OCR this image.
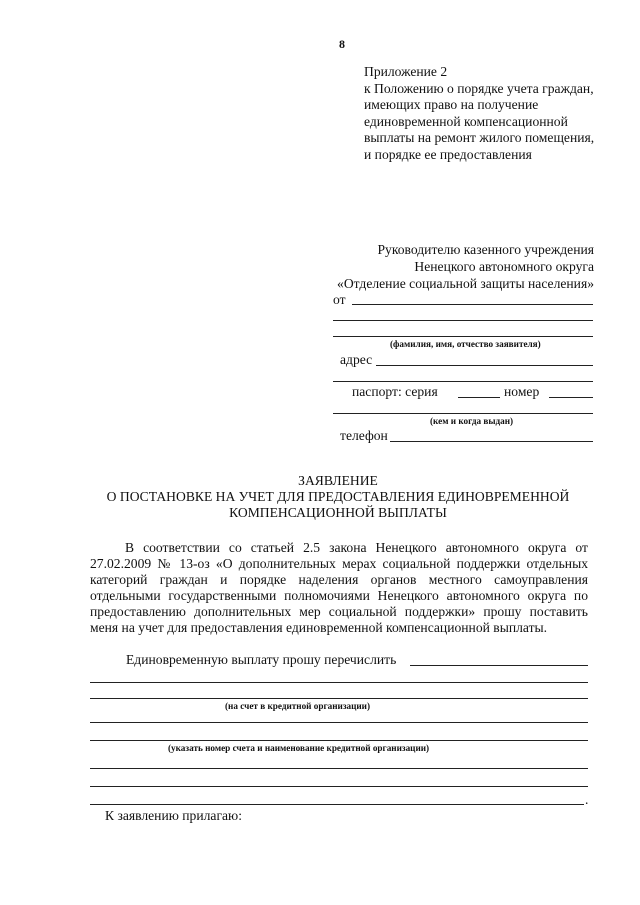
8
Приложение 2
к Положению о порядке учета граждан, имеющих право на получение единовременной компенсационной выплаты на ремонт жилого помещения, и порядке ее предоставления
Руководителю казенного учреждения
Ненецкого автономного округа
«Отделение социальной защиты населения»
от
(фамилия, имя, отчество заявителя)
адрес
паспорт: серия	номер
(кем и когда выдан)
телефон
ЗАЯВЛЕНИЕ
О ПОСТАНОВКЕ НА УЧЕТ ДЛЯ ПРЕДОСТАВЛЕНИЯ ЕДИНОВРЕМЕННОЙ
КОМПЕНСАЦИОННОЙ ВЫПЛАТЫ
В соответствии со статьей 2.5 закона Ненецкого автономного округа от 27.02.2009 № 13-оз «О дополнительных мерах социальной поддержки отдельных категорий граждан и порядке наделения органов местного самоуправления отдельными государственными полномочиями Ненецкого автономного округа по предоставлению дополнительных мер социальной поддержки» прошу поставить меня на учет для предоставления единовременной компенсационной выплаты.
Единовременную выплату прошу перечислить
(на счет в кредитной организации)
(указать номер счета и наименование кредитной организации)
.
К заявлению прилагаю:
